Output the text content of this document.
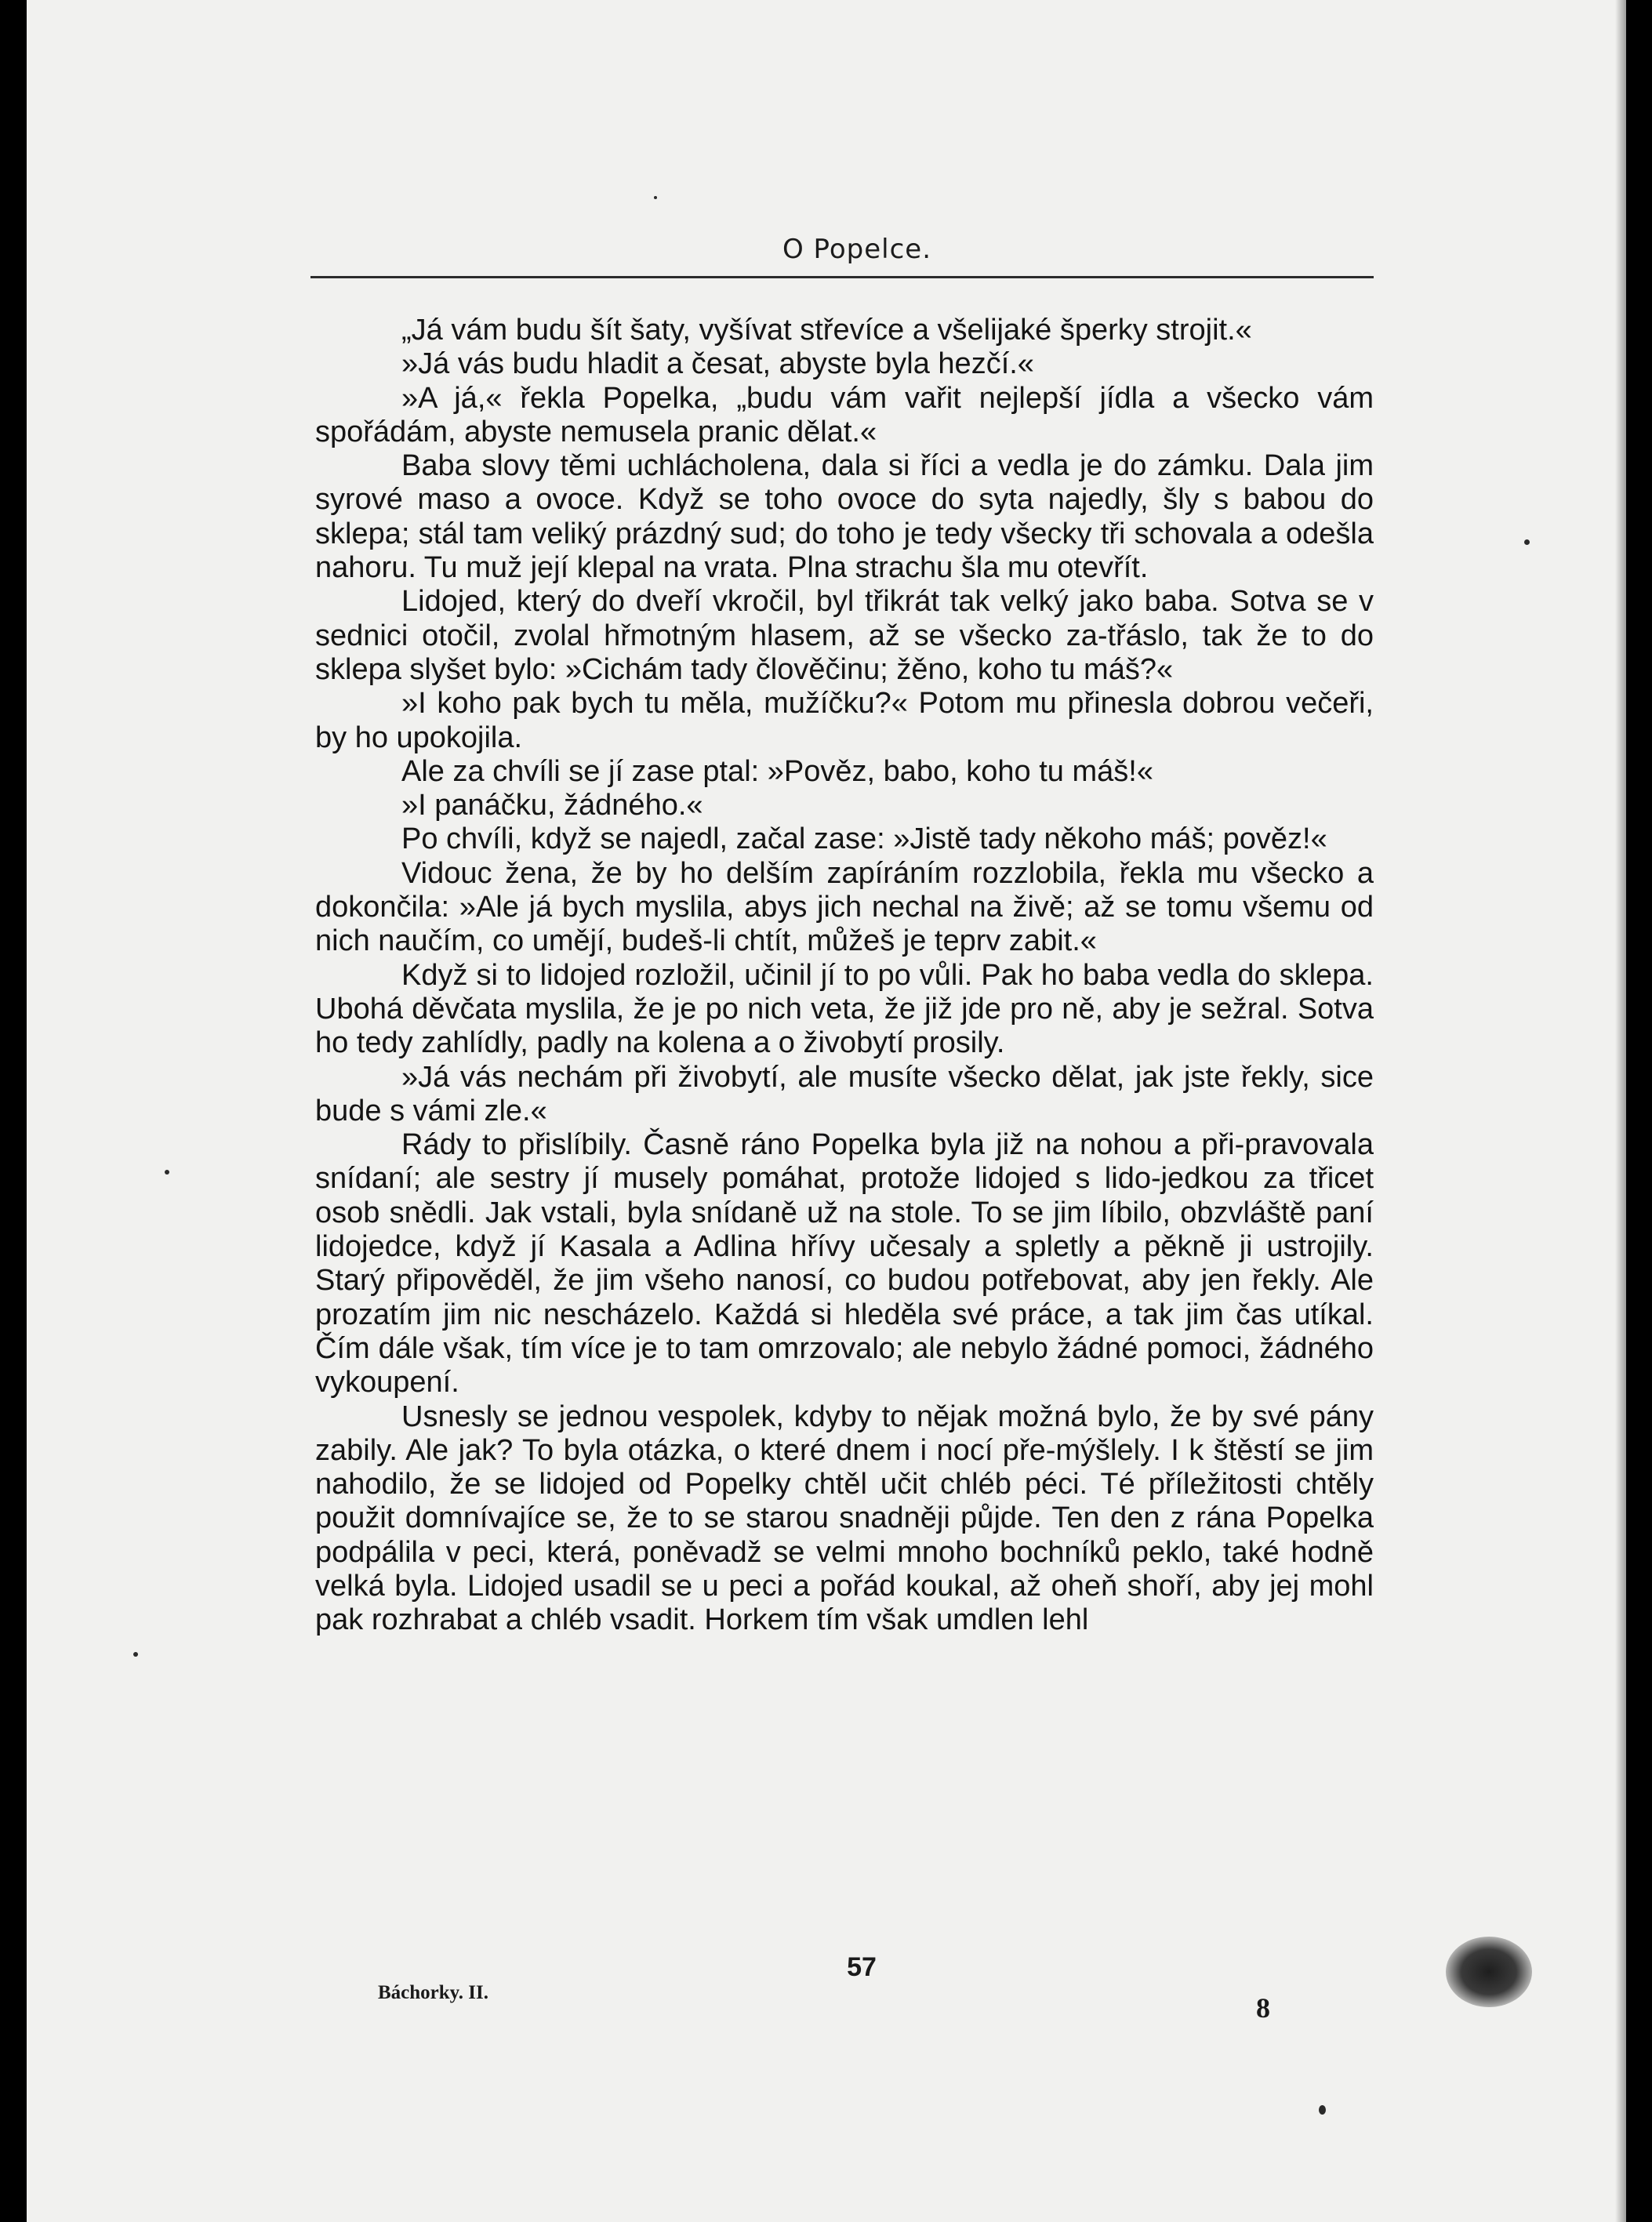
O Popelce.

„Já vám budu šít šaty, vyšívat střevíce a všelijaké šperky strojit.«

»Já vás budu hladit a česat, abyste byla hezčí.«

»A já,« řekla Popelka, „budu vám vařit nejlepší jídla a všecko vám spořádám, abyste nemusela pranic dělat.«

Baba slovy těmi uchlácholena, dala si říci a vedla je do zámku. Dala jim syrové maso a ovoce. Když se toho ovoce do syta najedly, šly s babou do sklepa; stál tam veliký prázdný sud; do toho je tedy všecky tři schovala a odešla nahoru. Tu muž její klepal na vrata. Plna strachu šla mu otevřít.

Lidojed, který do dveří vkročil, byl třikrát tak velký jako baba. Sotva se v sednici otočil, zvolal hřmotným hlasem, až se všecko za-třáslo, tak že to do sklepa slyšet bylo: »Cichám tady člověčinu; žěno, koho tu máš?«

»I koho pak bych tu měla, mužíčku?« Potom mu přinesla dobrou večeři, by ho upokojila.

Ale za chvíli se jí zase ptal: »Pověz, babo, koho tu máš!«

»I panáčku, žádného.«

Po chvíli, když se najedl, začal zase: »Jistě tady někoho máš; pověz!«

Vidouc žena, že by ho delším zapíráním rozzlobila, řekla mu všecko a dokončila: »Ale já bych myslila, abys jich nechal na živě; až se tomu všemu od nich naučím, co umějí, budeš-li chtít, můžeš je teprv zabit.«

Když si to lidojed rozložil, učinil jí to po vůli. Pak ho baba vedla do sklepa. Ubohá děvčata myslila, že je po nich veta, že již jde pro ně, aby je sežral. Sotva ho tedy zahlídly, padly na kolena a o živobytí prosily.

»Já vás nechám při živobytí, ale musíte všecko dělat, jak jste řekly, sice bude s vámi zle.«

Rády to přislíbily. Časně ráno Popelka byla již na nohou a při-pravovala snídaní; ale sestry jí musely pomáhat, protože lidojed s lido-jedkou za třicet osob snědli. Jak vstali, byla snídaně už na stole. To se jim líbilo, obzvláště paní lidojedce, když jí Kasala a Adlina hřívy učesaly a spletly a pěkně ji ustrojily. Starý připověděl, že jim všeho nanosí, co budou potřebovat, aby jen řekly. Ale prozatím jim nic nescházelo. Každá si hleděla své práce, a tak jim čas utíkal. Čím dále však, tím více je to tam omrzovalo; ale nebylo žádné pomoci, žádného vykoupení.

Usnesly se jednou vespolek, kdyby to nějak možná bylo, že by své pány zabily. Ale jak? To byla otázka, o které dnem i nocí pře-mýšlely. I k štěstí se jim nahodilo, že se lidojed od Popelky chtěl učit chléb péci. Té příležitosti chtěly použit domnívajíce se, že to se starou snadněji půjde. Ten den z rána Popelka podpálila v peci, která, poněvadž se velmi mnoho bochníků peklo, také hodně velká byla. Lidojed usadil se u peci a pořád koukal, až oheň shoří, aby jej mohl pak rozhrabat a chléb vsadit. Horkem tím však umdlen lehl

57
Báchorky. II.	8
